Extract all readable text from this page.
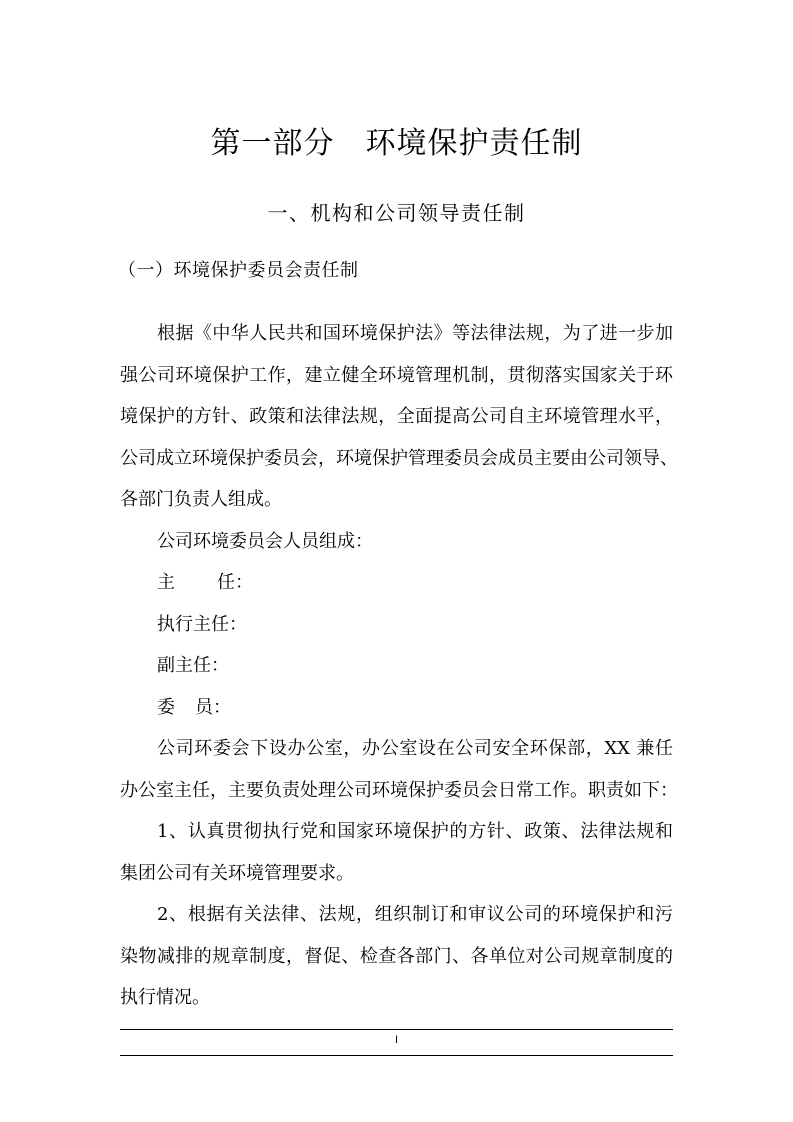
第一部分　环境保护责任制
一、机构和公司领导责任制
（一）环境保护委员会责任制
根据《中华人民共和国环境保护法》等法律法规，为了进一步加
强公司环境保护工作，建立健全环境管理机制，贯彻落实国家关于环
境保护的方针、政策和法律法规，全面提高公司自主环境管理水平，
公司成立环境保护委员会，环境保护管理委员会成员主要由公司领导、
各部门负责人组成。
公司环境委员会人员组成：
主 任：
执行主任：
副主任：
委 员：
公司环委会下设办公室，办公室设在公司安全环保部，XX 兼任
办公室主任，主要负责处理公司环境保护委员会日常工作。职责如下：
1、认真贯彻执行党和国家环境保护的方针、政策、法律法规和
集团公司有关环境管理要求。
2、根据有关法律、法规，组织制订和审议公司的环境保护和污
染物减排的规章制度，督促、检查各部门、各单位对公司规章制度的
执行情况。
I
